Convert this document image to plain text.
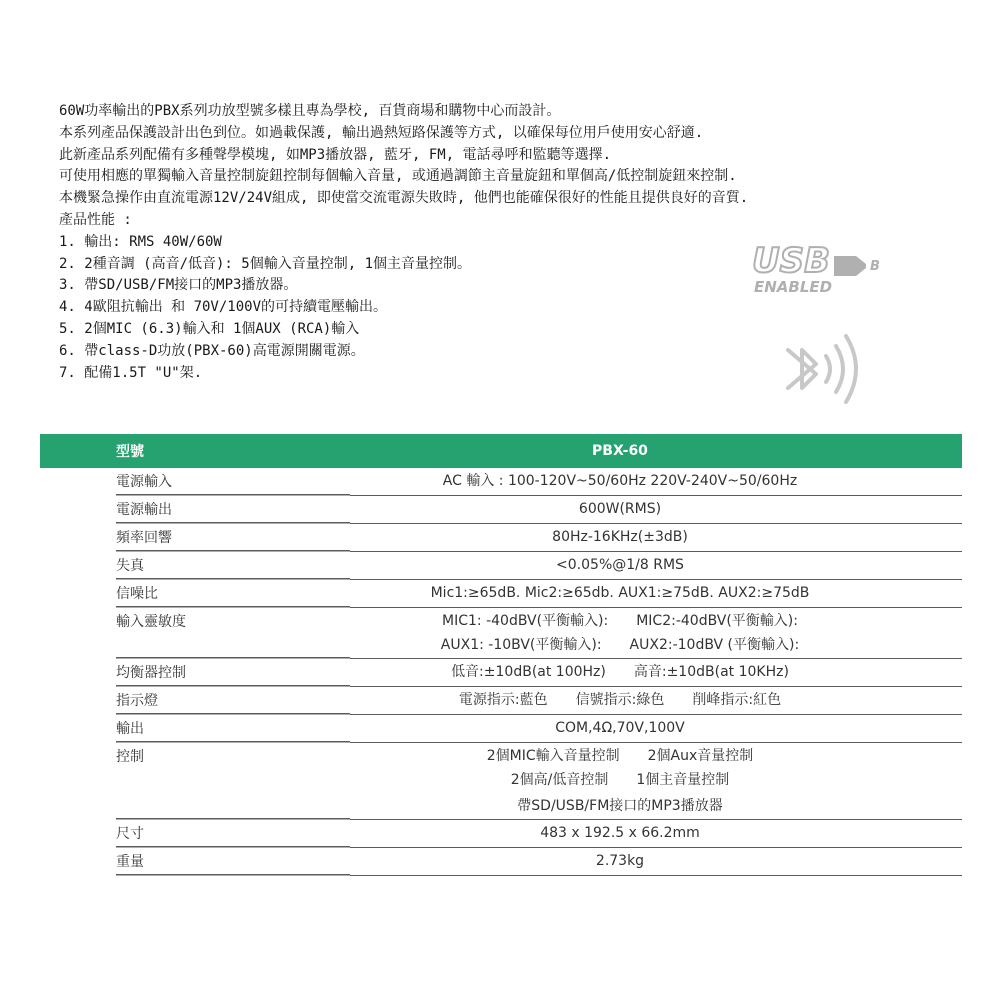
60W功率輸出的PBX系列功放型號多樣且專為學校, 百貨商場和購物中心而設計。
本系列產品保護設計出色到位。如過載保護, 輸出過熱短路保護等方式, 以確保每位用戶使用安心舒適.
此新產品系列配備有多種聲學模塊, 如MP3播放器, 藍牙, FM, 電話尋呼和監聽等選擇.
可使用相應的單獨輸入音量控制旋鈕控制每個輸入音量, 或通過調節主音量旋鈕和單個高/低控制旋鈕來控制.
本機緊急操作由直流電源12V/24V組成, 即使當交流電源失敗時, 他們也能確保很好的性能且提供良好的音質.
產品性能 :
1. 輸出: RMS 40W/60W
2. 2種音調 (高音/低音): 5個輸入音量控制, 1個主音量控制。
3. 帶SD/USB/FM接口的MP3播放器。
4. 4歐阻抗輸出 和 70V/100V的可持續電壓輸出。
5. 2個MIC (6.3)輸入和 1個AUX (RCA)輸入
6. 帶class-D功放(PBX-60)高電源開關電源。
7. 配備1.5T "U"架.
USB	B
ENABLED
型號	PBX-60
電源輸入	AC 輸入 : 100-120V~50/60Hz 220V-240V~50/60Hz

電源輸出	600W(RMS)

頻率回響	80Hz-16KHz(±3dB)

失真	<0.05%@1/8 RMS

信噪比	Mic1:≥65dB. Mic2:≥65db. AUX1:≥75dB. AUX2:≥75dB

輸入靈敏度	MIC1: -40dBV(平衡輸入): MIC2:-40dBV(平衡輸入):
AUX1: -10BV(平衡輸入): AUX2:-10dBV (平衡輸入):

均衡器控制	低音:±10dB(at 100Hz) 高音:±10dB(at 10KHz)

指示燈	電源指示:藍色 信號指示:綠色 削峰指示:紅色

輸出	COM,4Ω,70V,100V

控制	2個MIC輸入音量控制 2個Aux音量控制
2個高/低音控制 1個主音量控制
帶SD/USB/FM接口的MP3播放器

尺寸	483 x 192.5 x 66.2mm

重量	2.73kg
